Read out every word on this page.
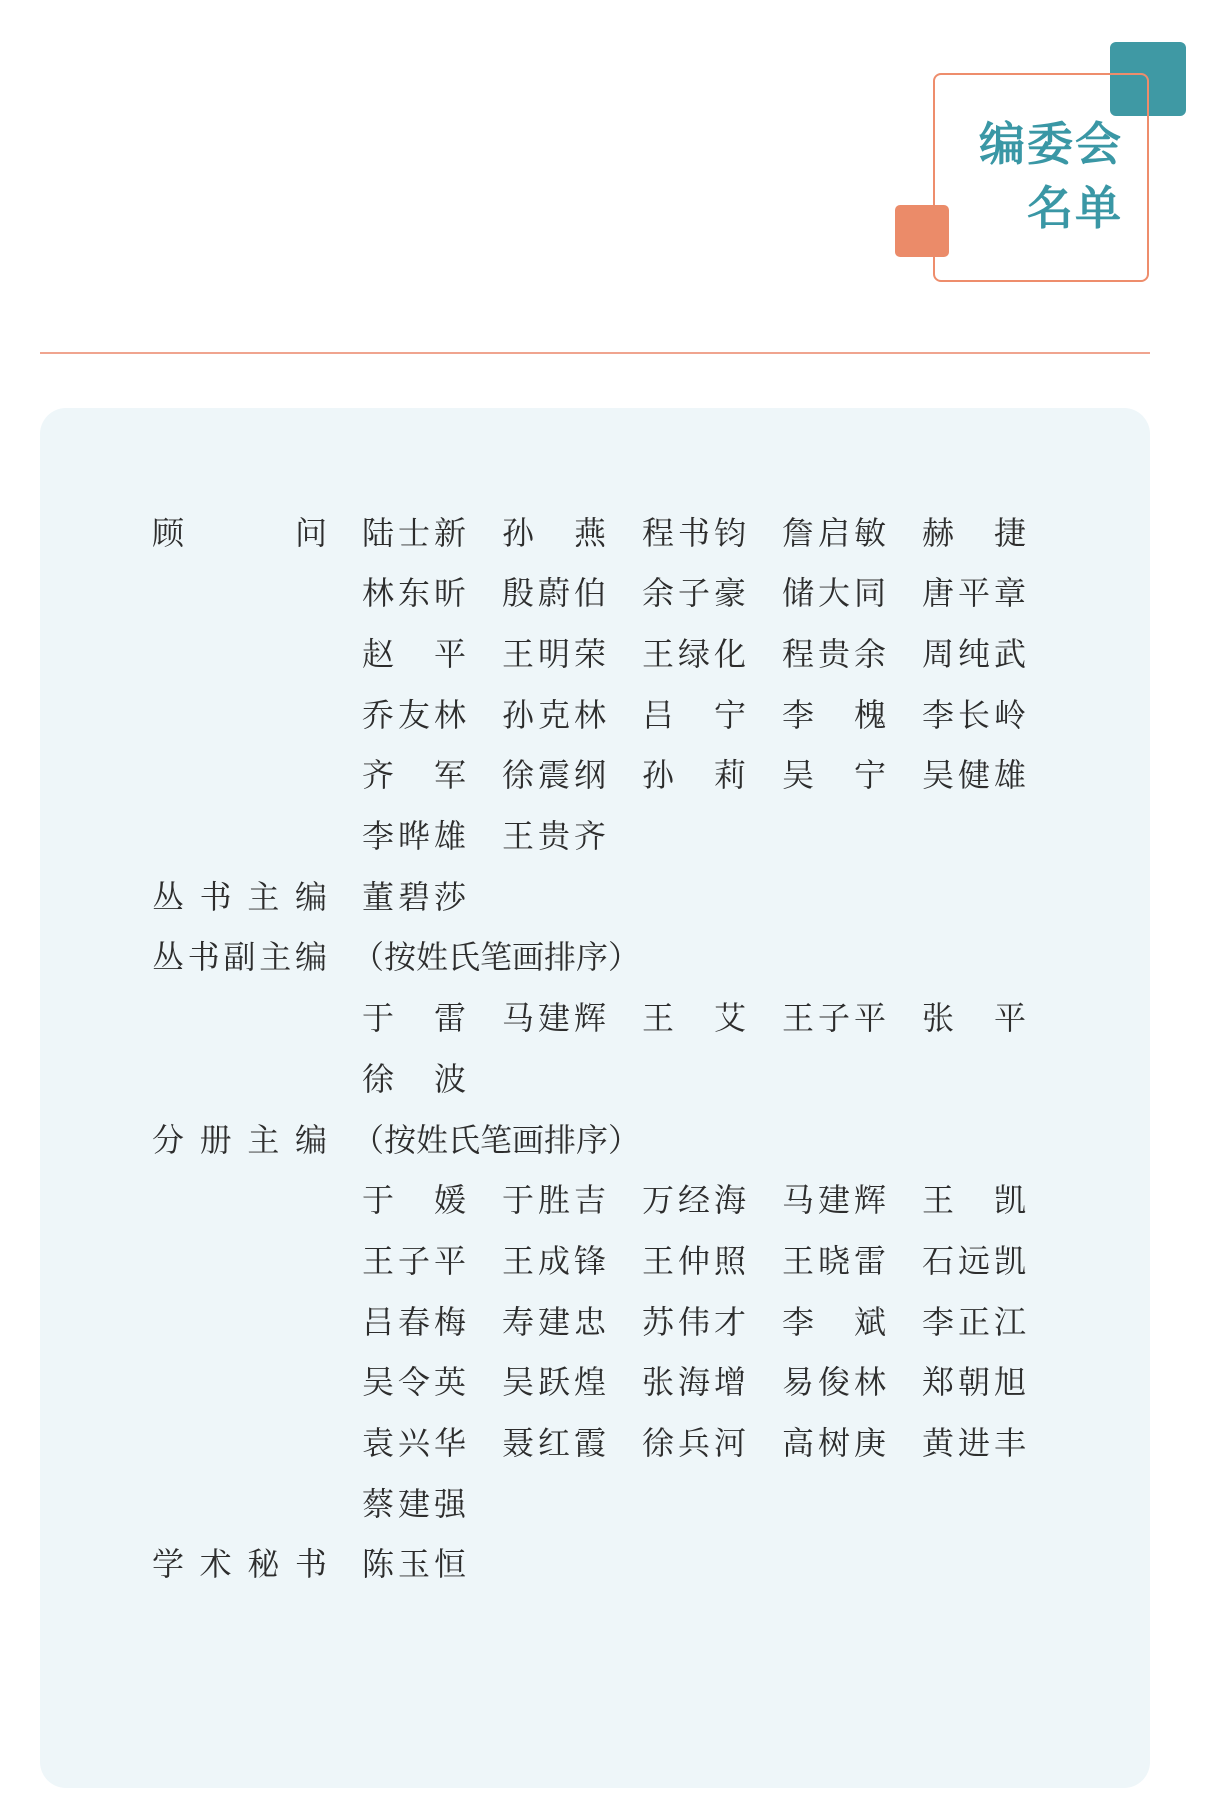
编委会
名单
顾	问 陆 士 新 孙 燕 程 书 钧 詹 启 敏 赫 捷
林 东 昕 殷 蔚 伯 余 子 豪 储 大 同 唐 平 章
赵 平 王 明 荣 王 绿 化 程 贵 余 周 纯 武
乔 友 林 孙 克 林 吕 宁 李 槐 李 长 岭
齐 军 徐 震 纲 孙 莉 吴 宁 吴 健 雄
李 晔 雄 王 贵 齐
丛 书 主 编 董 碧 莎
丛 书 副 主 编 （按姓氏笔画排序）
于 雷 马 建 辉 王 艾 王 子 平 张 平
徐 波
分 册 主 编 （按姓氏笔画排序）
于 媛 于 胜 吉 万 经 海 马 建 辉 王 凯
王 子 平 王 成 锋 王 仲 照 王 晓 雷 石 远 凯
吕 春 梅 寿 建 忠 苏 伟 才 李 斌 李 正 江
吴 令 英 吴 跃 煌 张 海 增 易 俊 林 郑 朝 旭
袁 兴 华 聂 红 霞 徐 兵 河 高 树 庚 黄 进 丰
蔡 建 强
学 术 秘 书 陈 玉 恒
